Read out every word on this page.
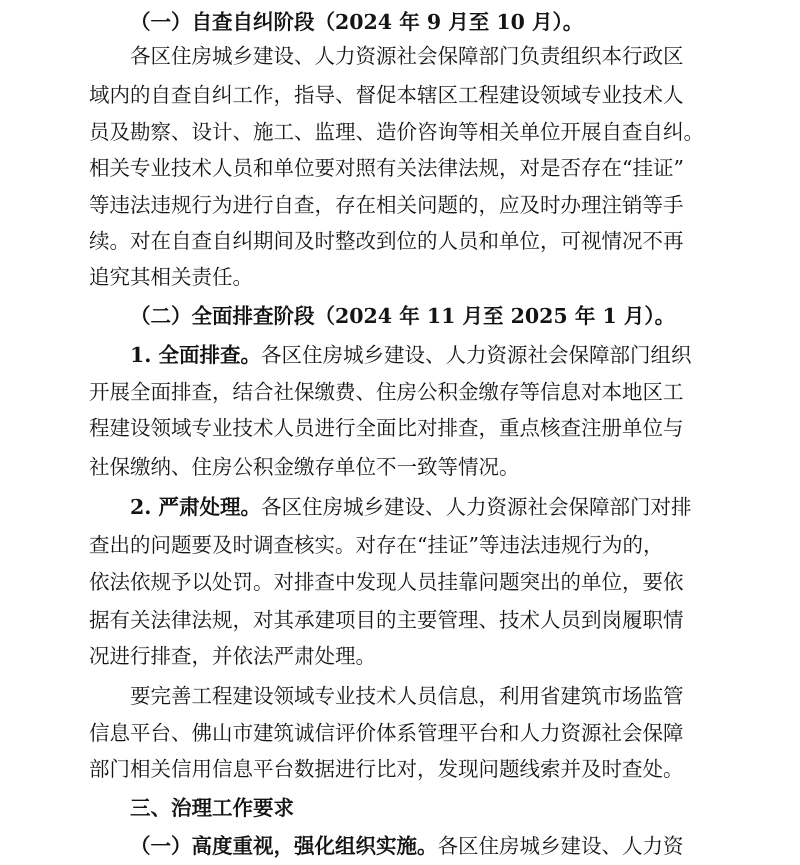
（一）自查自纠阶段（2024 年 9 月至 10 月）。
各区住房城乡建设、人力资源社会保障部门负责组织本行政区
域内的自查自纠工作，指导、督促本辖区工程建设领域专业技术人
员及勘察、设计、施工、监理、造价咨询等相关单位开展自查自纠。
相关专业技术人员和单位要对照有关法律法规，对是否存在“挂证”
等违法违规行为进行自查，存在相关问题的，应及时办理注销等手
续。对在自查自纠期间及时整改到位的人员和单位，可视情况不再
追究其相关责任。
（二）全面排查阶段（2024 年 11 月至 2025 年 1 月）。
1. 全面排查。各区住房城乡建设、人力资源社会保障部门组织
开展全面排查，结合社保缴费、住房公积金缴存等信息对本地区工
程建设领域专业技术人员进行全面比对排查，重点核查注册单位与
社保缴纳、住房公积金缴存单位不一致等情况。
2. 严肃处理。各区住房城乡建设、人力资源社会保障部门对排
查出的问题要及时调查核实。对存在“挂证”等违法违规行为的，
依法依规予以处罚。对排查中发现人员挂靠问题突出的单位，要依
据有关法律法规，对其承建项目的主要管理、技术人员到岗履职情
况进行排查，并依法严肃处理。
要完善工程建设领域专业技术人员信息，利用省建筑市场监管
信息平台、佛山市建筑诚信评价体系管理平台和人力资源社会保障
部门相关信用信息平台数据进行比对，发现问题线索并及时查处。
三、治理工作要求
（一）高度重视，强化组织实施。各区住房城乡建设、人力资
